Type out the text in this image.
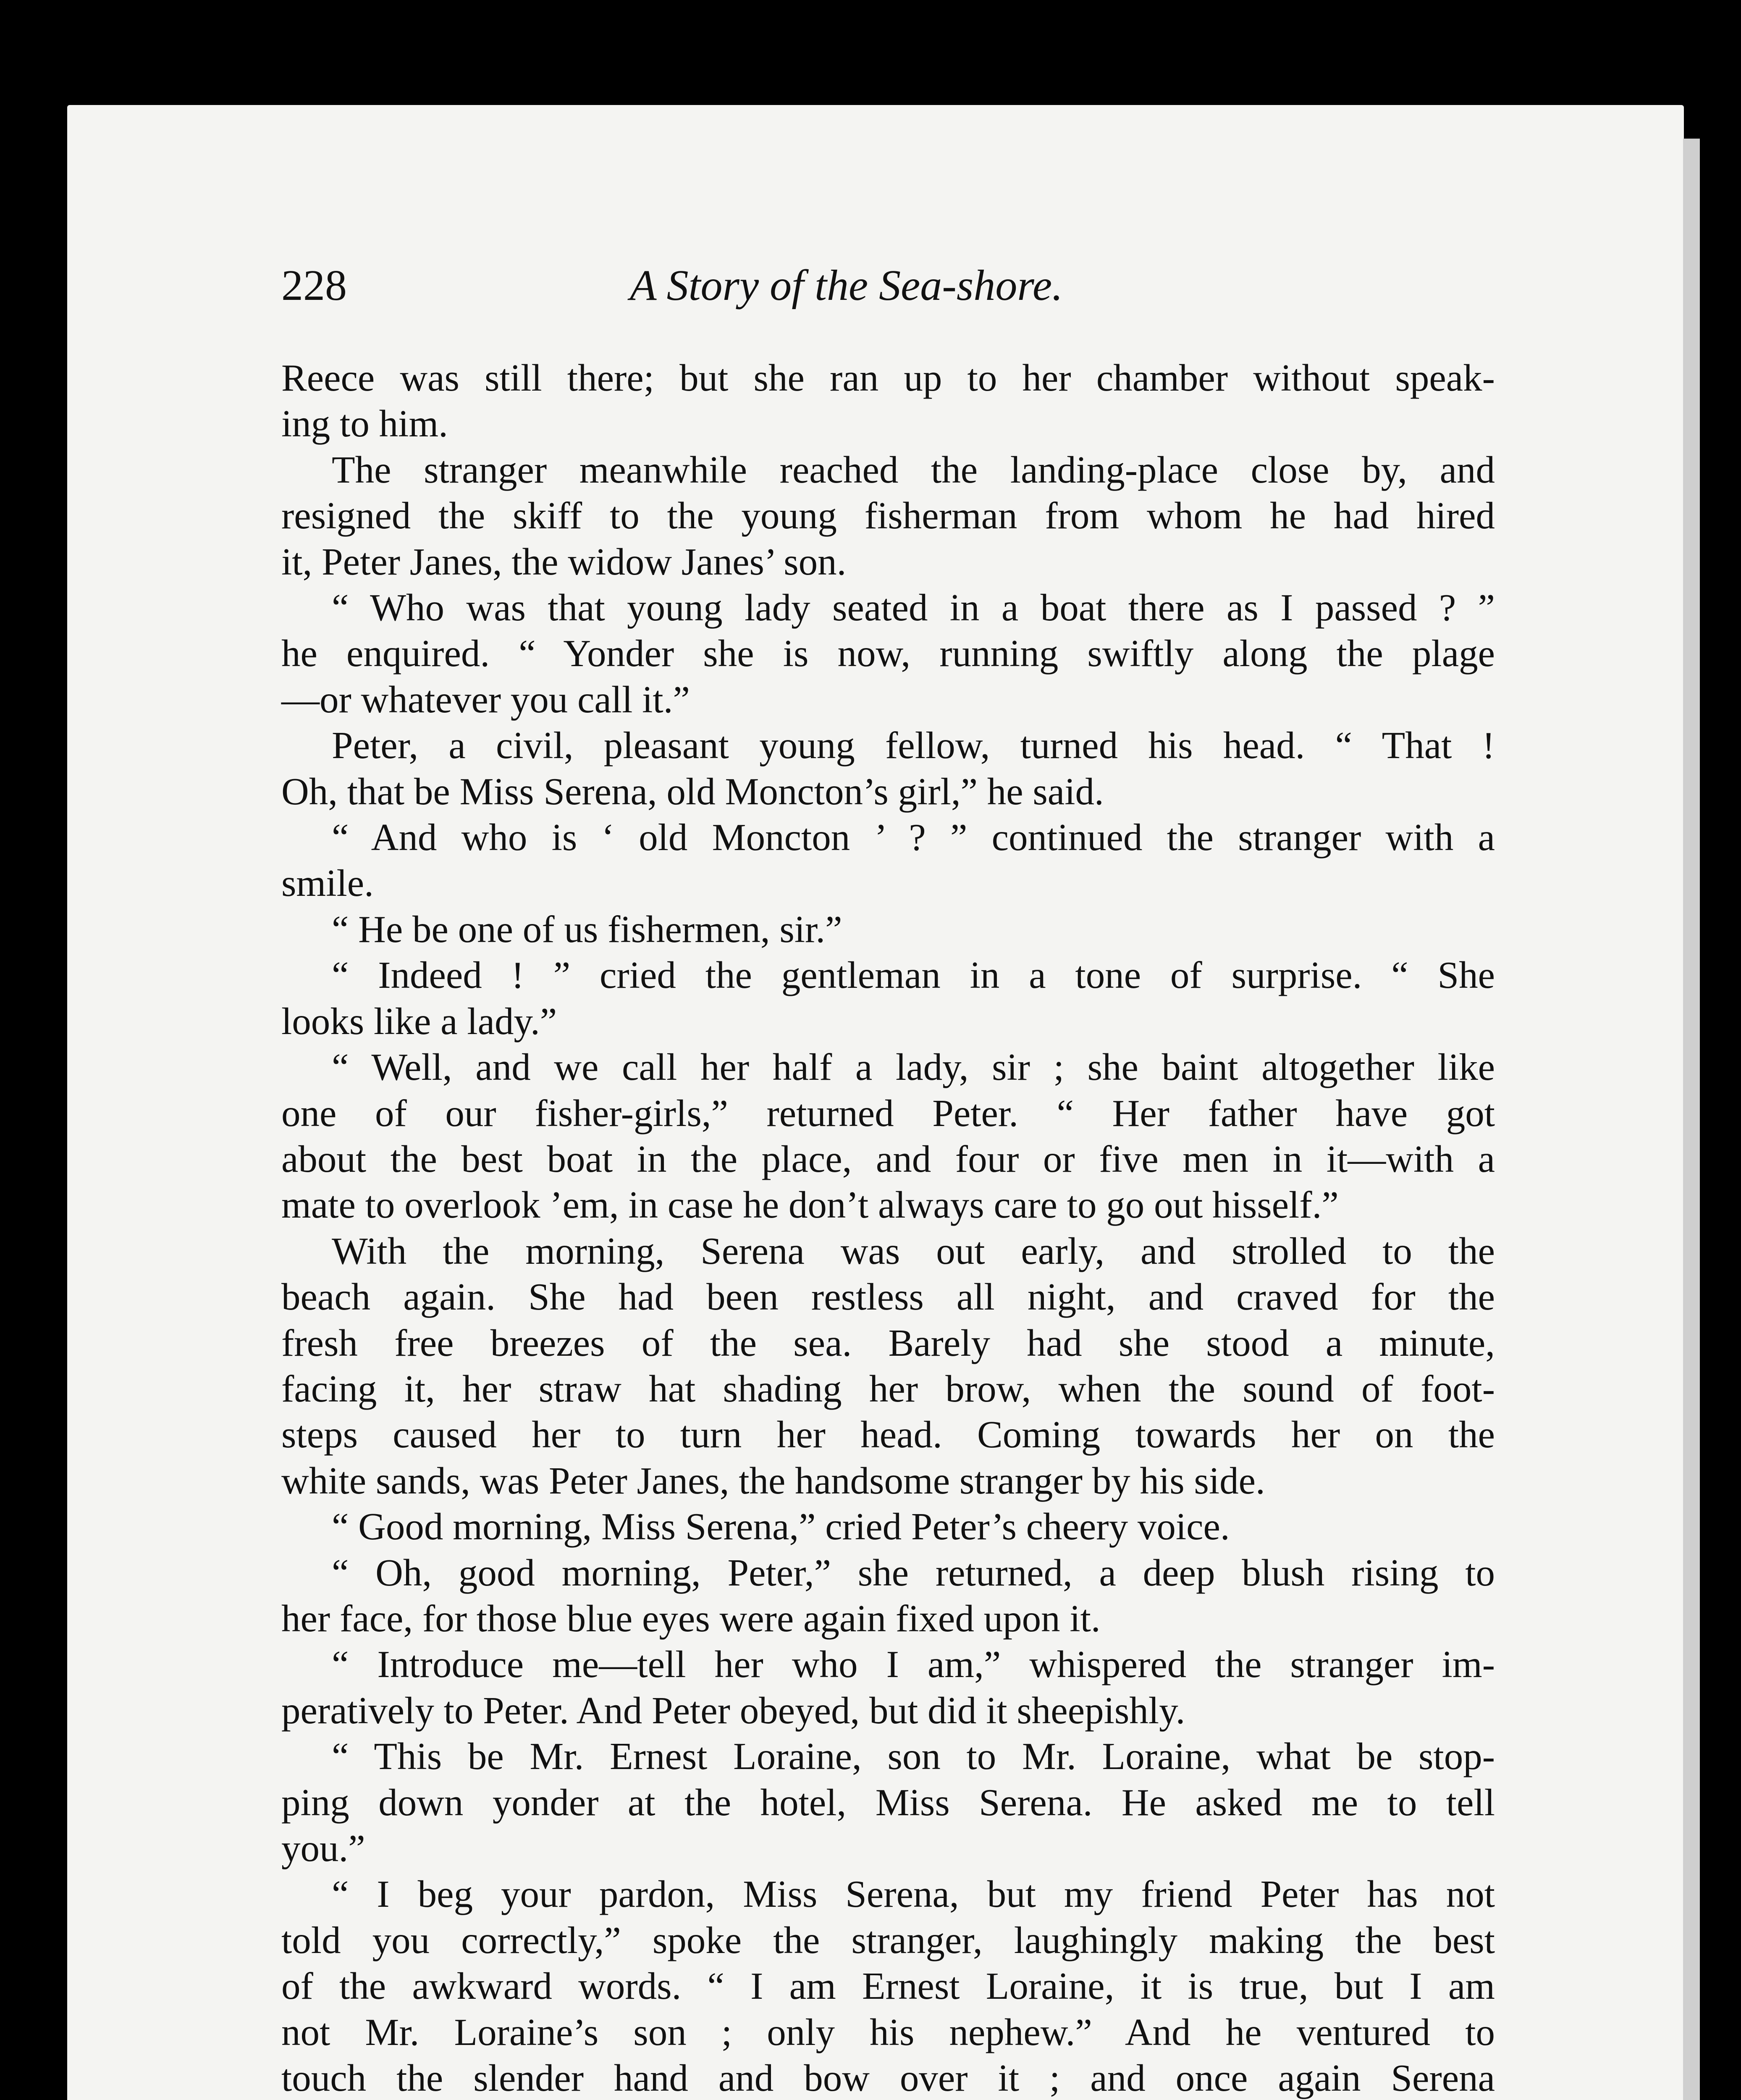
228	A Story of the Sea-shore.
Reece was still there; but she ran up to her chamber without speak-
ing to him.
The stranger meanwhile reached the landing-place close by, and
resigned the skiff to the young fisherman from whom he had hired
it, Peter Janes, the widow Janes’ son.
“ Who was that young lady seated in a boat there as I passed ? ”
he enquired. “ Yonder she is now, running swiftly along the plage
—or whatever you call it.”
Peter, a civil, pleasant young fellow, turned his head. “ That !
Oh, that be Miss Serena, old Moncton’s girl,” he said.
“ And who is ‘ old Moncton ’ ? ” continued the stranger with a
smile.
“ He be one of us fishermen, sir.”
“ Indeed ! ” cried the gentleman in a tone of surprise. “ She
looks like a lady.”
“ Well, and we call her half a lady, sir ; she baint altogether like
one of our fisher-girls,” returned Peter. “ Her father have got
about the best boat in the place, and four or five men in it—with a
mate to overlook ’em, in case he don’t always care to go out hisself.”
With the morning, Serena was out early, and strolled to the
beach again. She had been restless all night, and craved for the
fresh free breezes of the sea. Barely had she stood a minute,
facing it, her straw hat shading her brow, when the sound of foot-
steps caused her to turn her head. Coming towards her on the
white sands, was Peter Janes, the handsome stranger by his side.
“ Good morning, Miss Serena,” cried Peter’s cheery voice.
“ Oh, good morning, Peter,” she returned, a deep blush rising to
her face, for those blue eyes were again fixed upon it.
“ Introduce me—tell her who I am,” whispered the stranger im-
peratively to Peter. And Peter obeyed, but did it sheepishly.
“ This be Mr. Ernest Loraine, son to Mr. Loraine, what be stop-
ping down yonder at the hotel, Miss Serena. He asked me to tell
you.”
“ I beg your pardon, Miss Serena, but my friend Peter has not
told you correctly,” spoke the stranger, laughingly making the best
of the awkward words. “ I am Ernest Loraine, it is true, but I am
not Mr. Loraine’s son ; only his nephew.” And he ventured to
touch the slender hand and bow over it ; and once again Serena
